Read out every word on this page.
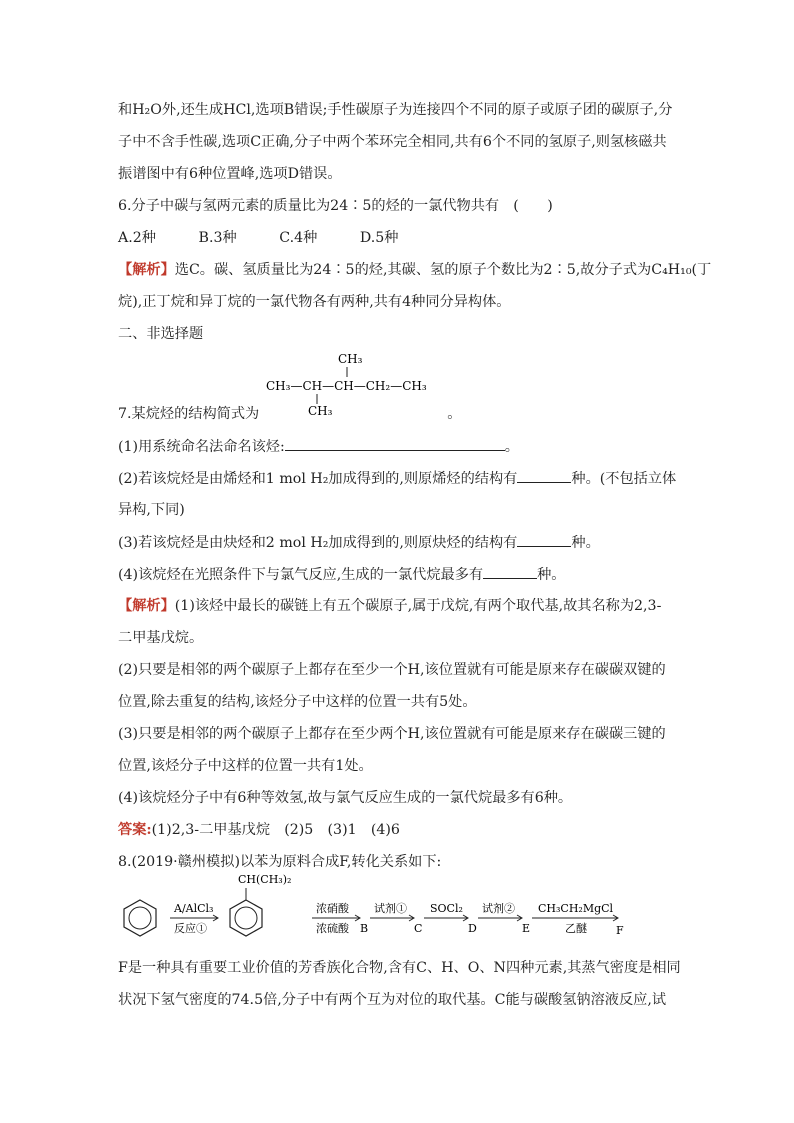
和H₂O外,还生成HCl,选项B错误;手性碳原子为连接四个不同的原子或原子团的碳原子,分
子中不含手性碳,选项C正确,分子中两个苯环完全相同,共有6个不同的氢原子,则氢核磁共
振谱图中有6种位置峰,选项D错误。
6.分子中碳与氢两元素的质量比为24∶5的烃的一氯代物共有　(　　)
A.2种　　　B.3种　　　C.4种　　　D.5种
【解析】选C。碳、氢质量比为24∶5的烃,其碳、氢的原子个数比为2∶5,故分子式为C₄H₁₀(丁
烷),正丁烷和异丁烷的一氯代物各有两种,共有4种同分异构体。
二、非选择题
CH₃
CH₃—CH—CH—CH₂—CH₃
CH₃
7.某烷烃的结构简式为	。
(1)用系统命名法命名该烃:	。
(2)若该烷烃是由烯烃和1 mol H₂加成得到的,则原烯烃的结构有	种。(不包括立体
异构,下同)
(3)若该烷烃是由炔烃和2 mol H₂加成得到的,则原炔烃的结构有	种。
(4)该烷烃在光照条件下与氯气反应,生成的一氯代烷最多有	种。
【解析】(1)该烃中最长的碳链上有五个碳原子,属于戊烷,有两个取代基,故其名称为2,3-
二甲基戊烷。
(2)只要是相邻的两个碳原子上都存在至少一个H,该位置就有可能是原来存在碳碳双键的
位置,除去重复的结构,该烃分子中这样的位置一共有5处。
(3)只要是相邻的两个碳原子上都存在至少两个H,该位置就有可能是原来存在碳碳三键的
位置,该烃分子中这样的位置一共有1处。
(4)该烷烃分子中有6种等效氢,故与氯气反应生成的一氯代烷最多有6种。
答案:(1)2,3-二甲基戊烷　(2)5　(3)1　(4)6
8.(2019·赣州模拟)以苯为原料合成F,转化关系如下:
A/AlCl₃
反应①
CH(CH₃)₂
浓硝酸
浓硫酸 B
试剂①
C
SOCl₂
D
试剂②
E
CH₃CH₂MgCl
乙醚	F
F是一种具有重要工业价值的芳香族化合物,含有C、H、O、N四种元素,其蒸气密度是相同
状况下氢气密度的74.5倍,分子中有两个互为对位的取代基。C能与碳酸氢钠溶液反应,试
